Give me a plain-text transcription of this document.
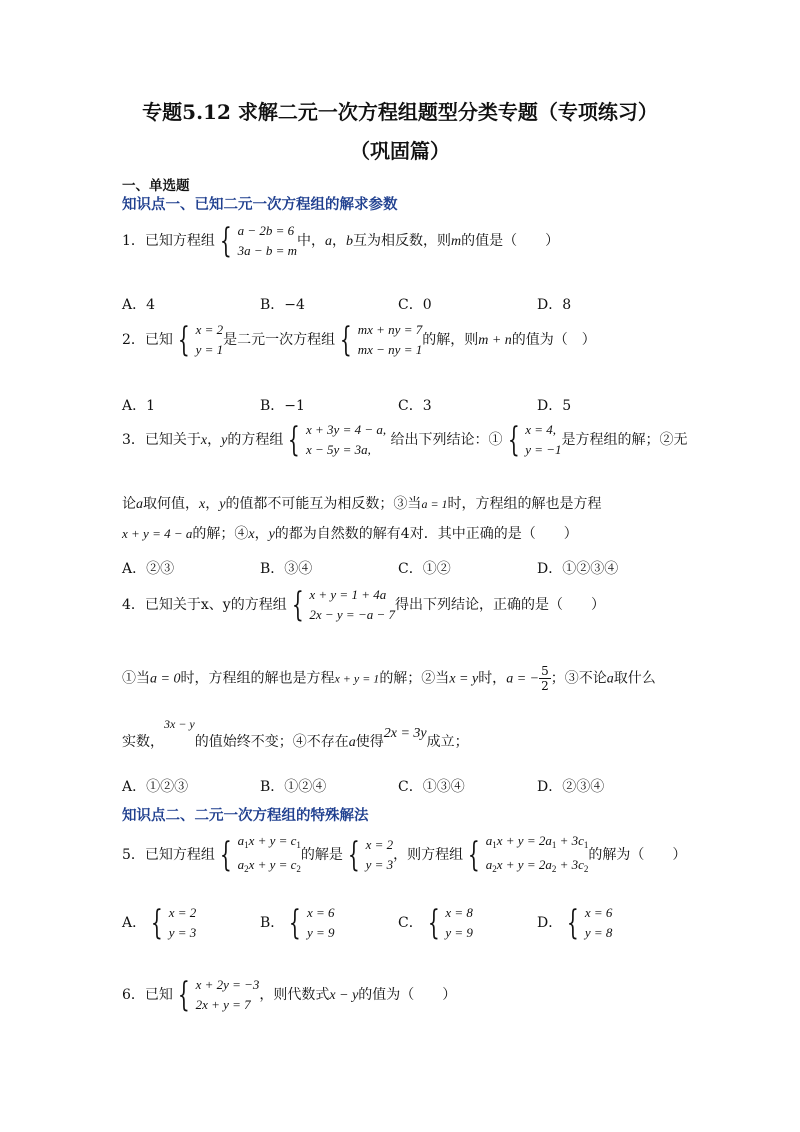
专题5.12 求解二元一次方程组题型分类专题（专项练习）
（巩固篇）
一、单选题
知识点一、已知二元一次方程组的解求参数
1．已知方程组 { a − 2b = 6
3a − b = m
中，a，b互为相反数，则m的值是（　　）
A．4	B．−4	C．0	D．8
2．已知 { x = 2
y = 1
是二元一次方程组 { mx + ny = 7
mx − ny = 1
的解，则m + n的值为（　）
A．1	B．−1	C．3	D．5
3．已知关于x，y的方程组 { x + 3y = 4 − a,
x − 5y = 3a,
给出下列结论：① { x = 4,
y = −1
是方程组的解；②无
论a取何值，x，y的值都不可能互为相反数；③当a = 1时，方程组的解也是方程
x + y = 4 − a的解；④x，y的都为自然数的解有4对．其中正确的是（　　）
A．②③	B．③④	C．①②	D．①②③④
4．已知关于x、y的方程组 { x + y = 1 + 4a
2x − y = −a − 7
得出下列结论，正确的是（　　）
①当a = 0时，方程组的解也是方程x + y = 1的解；②当x = y时，a = − $\frac{5}{2}$ ；③不论a取什么
实数，3x − y的值始终不变；④不存在a使得2x = 3y成立；
A．①②③	B．①②④	C．①③④	D．②③④
知识点二、二元一次方程组的特殊解法
5．已知方程组 { $a_1x + y = c_1$
$a_2x + y = c_2$
的解是 { x = 2
y = 3
，则方程组 { $a_1x + y = 2a_1 + 3c_1$
$a_2x + y = 2a_2 + 3c_2$
的解为（　　）
A． { x = 2
y = 3
B． { x = 6
y = 9
C． { x = 8
y = 9
D． { x = 6
y = 8
6．已知 { x + 2y = −3
2x + y = 7
，则代数式x − y的值为（　　）
